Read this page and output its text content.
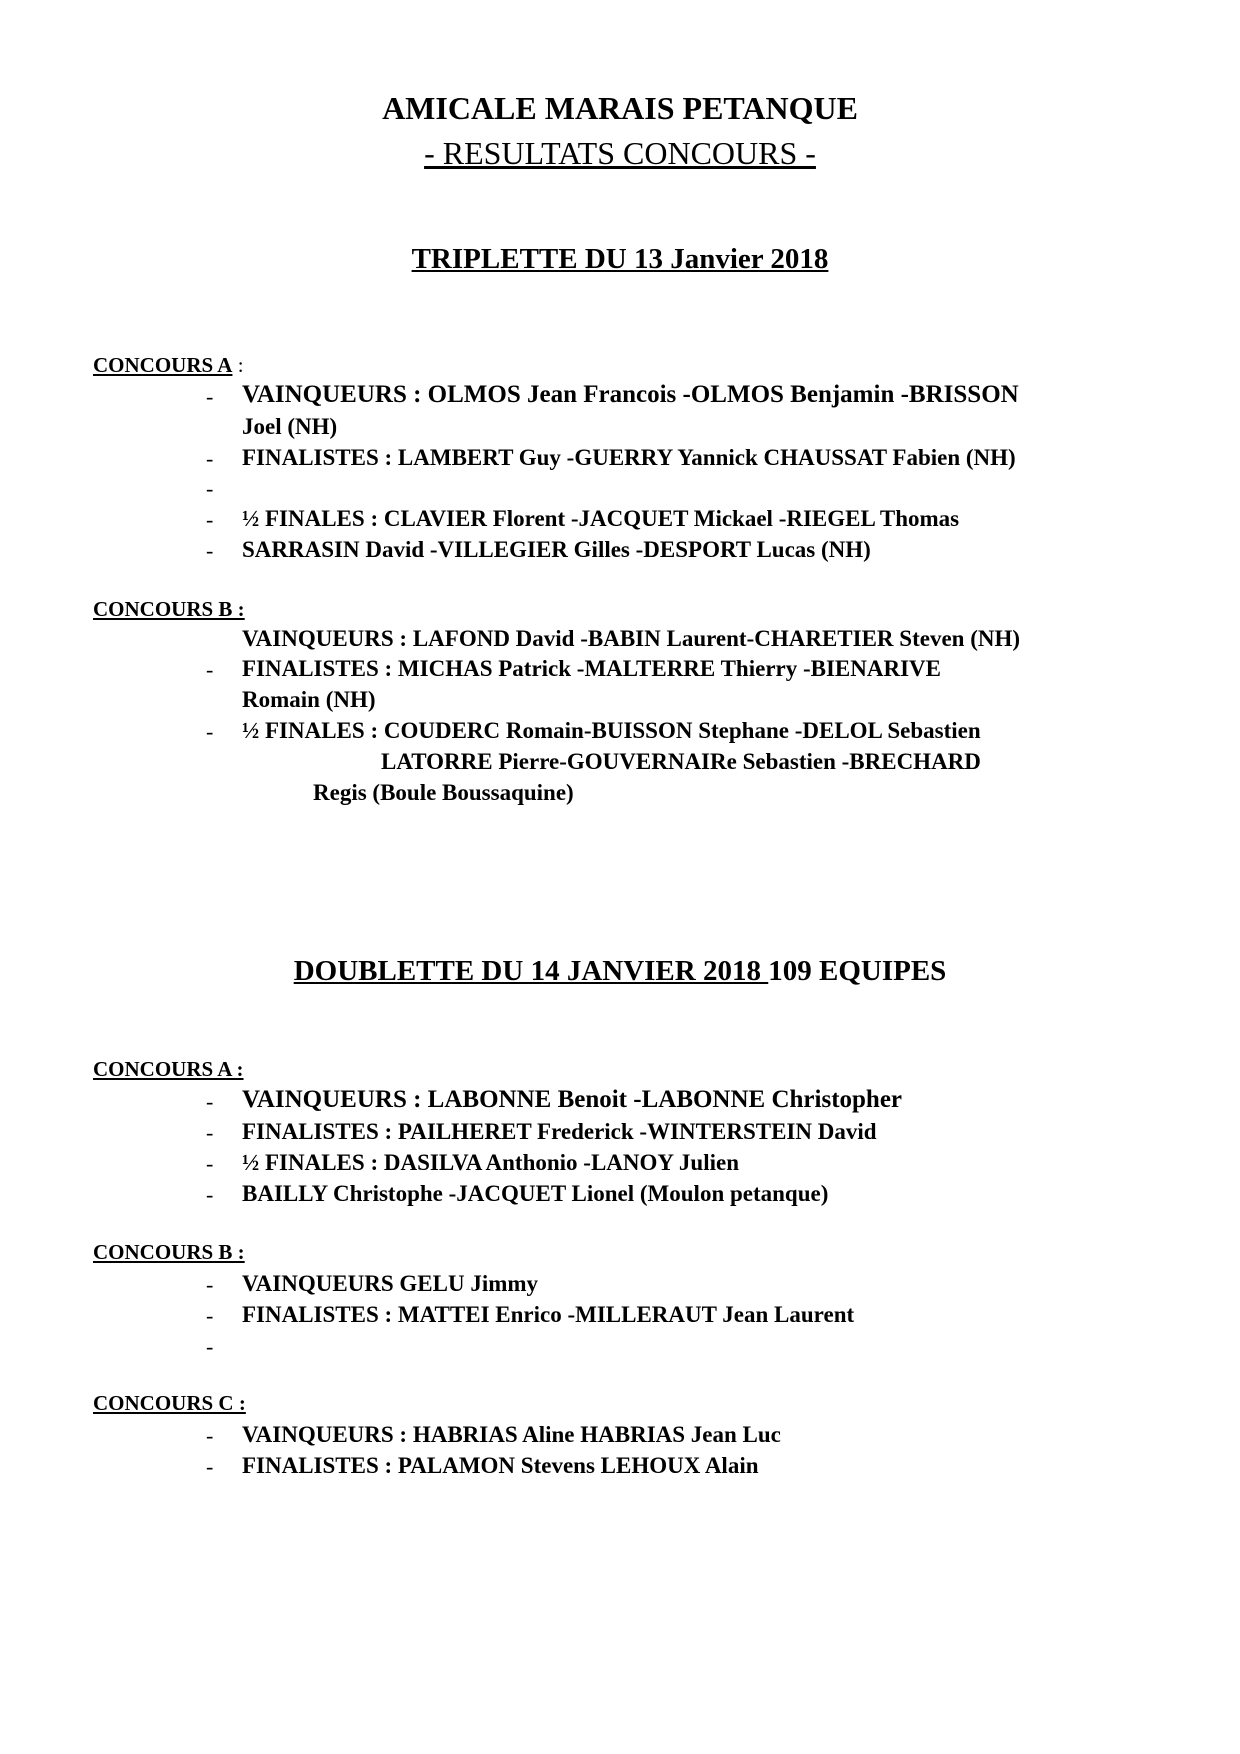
AMICALE MARAIS PETANQUE
- RESULTATS CONCOURS -
TRIPLETTE DU 13 Janvier 2018
CONCOURS A :
- VAINQUEURS : OLMOS Jean Francois -OLMOS Benjamin -BRISSON
Joel (NH)
- FINALISTES : LAMBERT Guy -GUERRY Yannick CHAUSSAT Fabien (NH)
-
- ½ FINALES : CLAVIER Florent -JACQUET Mickael -RIEGEL Thomas
- SARRASIN David -VILLEGIER Gilles -DESPORT Lucas (NH)
CONCOURS B :
VAINQUEURS : LAFOND David -BABIN Laurent-CHARETIER Steven (NH)
- FINALISTES : MICHAS Patrick -MALTERRE Thierry -BIENARIVE
Romain (NH)
- ½ FINALES : COUDERC Romain-BUISSON Stephane -DELOL Sebastien
LATORRE Pierre-GOUVERNAIRe Sebastien -BRECHARD
Regis (Boule Boussaquine)
DOUBLETTE DU 14 JANVIER 2018 109 EQUIPES
CONCOURS A :
- VAINQUEURS : LABONNE Benoit -LABONNE Christopher
- FINALISTES : PAILHERET Frederick -WINTERSTEIN David
- ½ FINALES : DASILVA Anthonio -LANOY Julien
- BAILLY Christophe -JACQUET Lionel (Moulon petanque)
CONCOURS B :
- VAINQUEURS GELU Jimmy
- FINALISTES : MATTEI Enrico -MILLERAUT Jean Laurent
-
CONCOURS C :
- VAINQUEURS : HABRIAS Aline HABRIAS Jean Luc
- FINALISTES : PALAMON Stevens LEHOUX Alain
